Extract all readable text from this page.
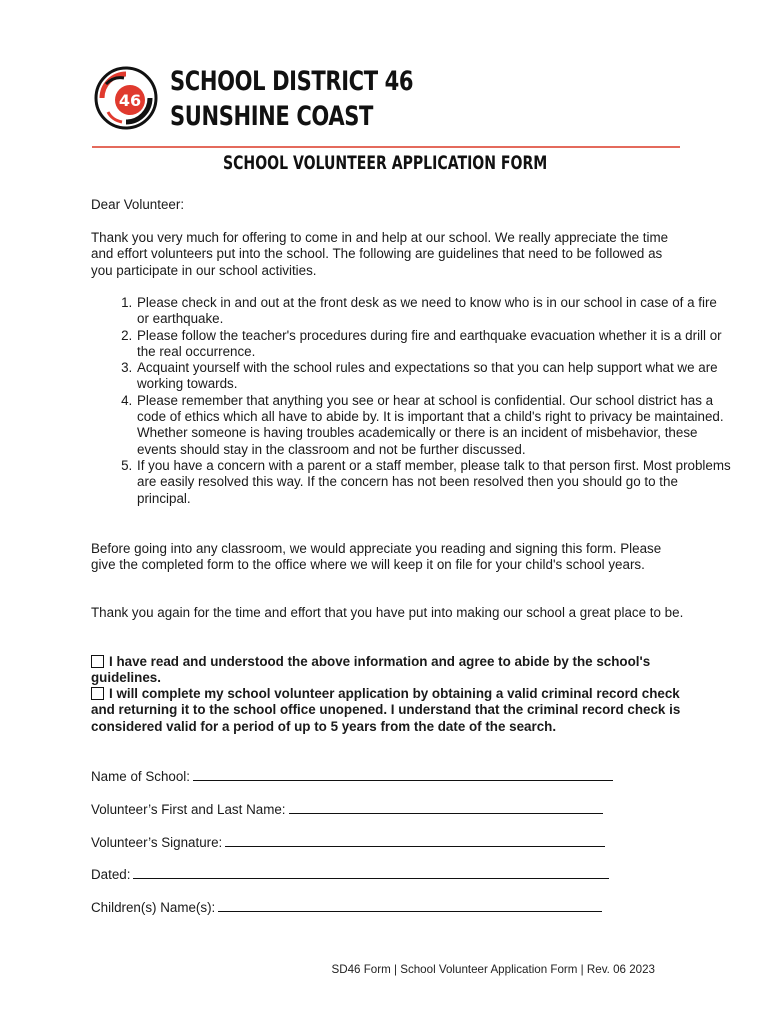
46
SCHOOL DISTRICT 46
SUNSHINE COAST
SCHOOL VOLUNTEER APPLICATION FORM
Dear Volunteer:
Thank you very much for offering to come in and help at our school. We really appreciate the time and effort volunteers put into the school. The following are guidelines that need to be followed as you participate in our school activities.
1. Please check in and out at the front desk as we need to know who is in our school in case of a fire or earthquake.
2. Please follow the teacher's procedures during fire and earthquake evacuation whether it is a drill or the real occurrence.
3. Acquaint yourself with the school rules and expectations so that you can help support what we are working towards.
4. Please remember that anything you see or hear at school is confidential. Our school district has a code of ethics which all have to abide by. It is important that a child's right to privacy be maintained. Whether someone is having troubles academically or there is an incident of misbehavior, these events should stay in the classroom and not be further discussed.
5. If you have a concern with a parent or a staff member, please talk to that person first. Most problems are easily resolved this way. If the concern has not been resolved then you should go to the principal.
Before going into any classroom, we would appreciate you reading and signing this form. Please give the completed form to the office where we will keep it on file for your child's school years.
Thank you again for the time and effort that you have put into making our school a great place to be.
I have read and understood the above information and agree to abide by the school's guidelines.
I will complete my school volunteer application by obtaining a valid criminal record check and returning it to the school office unopened. I understand that the criminal record check is considered valid for a period of up to 5 years from the date of the search.
Name of School:
Volunteer’s First and Last Name:
Volunteer’s Signature:
Dated:
Children(s) Name(s):
SD46 Form | School Volunteer Application Form | Rev. 06 2023
